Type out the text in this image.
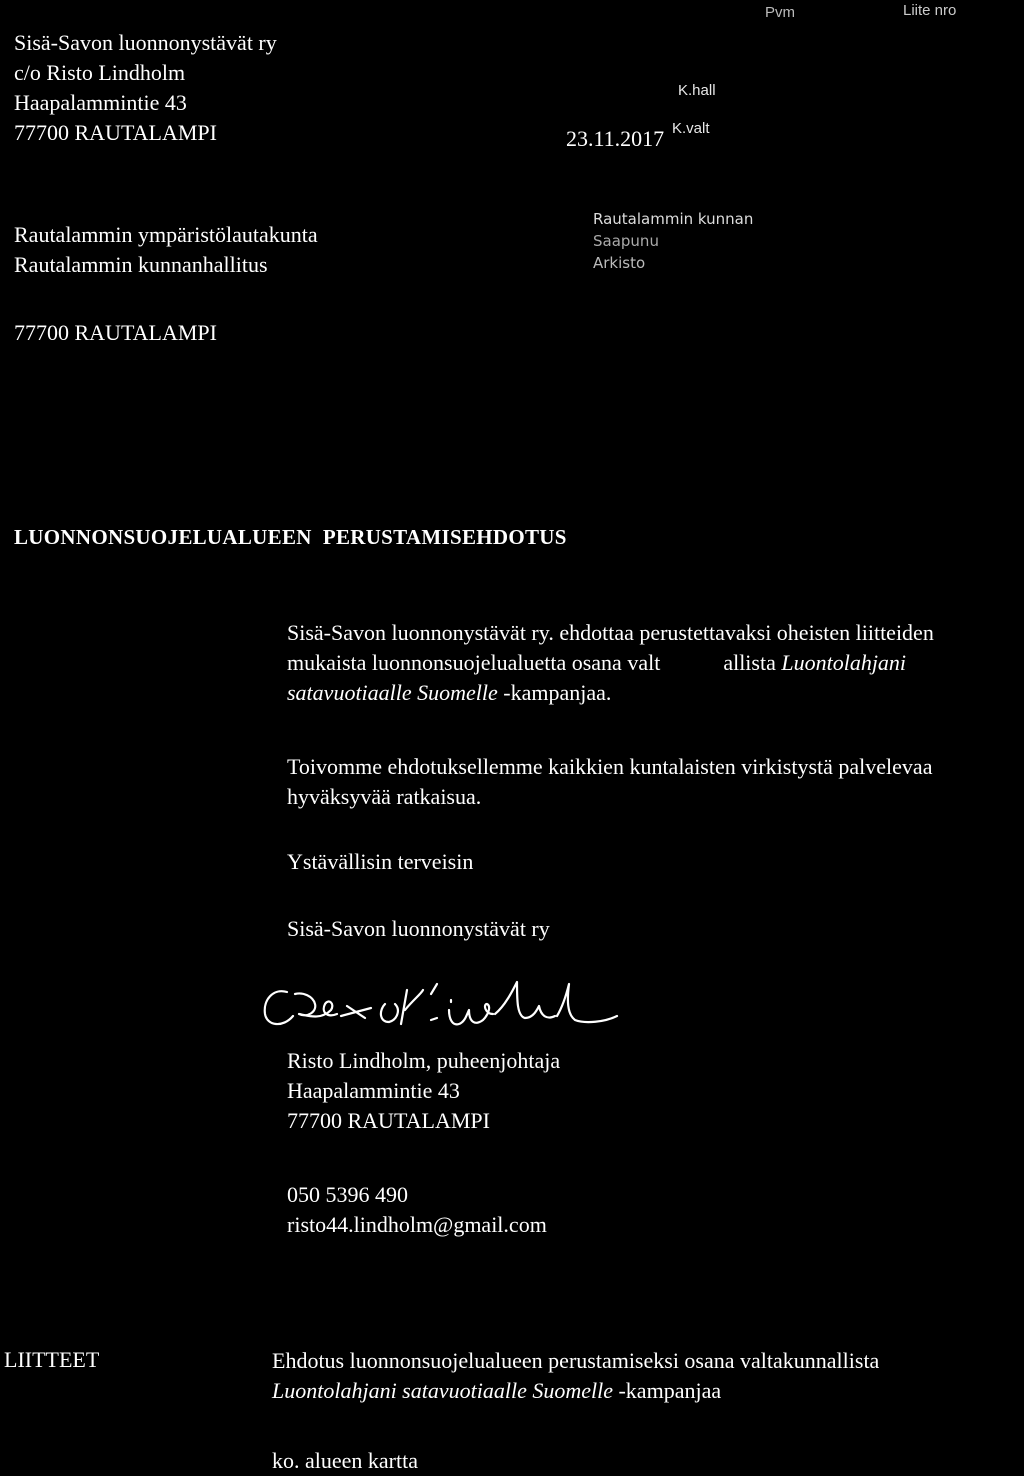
Sisä-Savon luonnonystävät ry
c/o Risto Lindholm
Haapalammintie 43
77700 RAUTALAMPI
Pvm	Liite nro
K.hall
23.11.2017 K.valt
Rautalammin ympäristölautakunta
Rautalammin kunnanhallitus
77700 RAUTALAMPI
Rautalammin kunnan
Saapunu
Arkisto
LUONNONSUOJELUALUEEN  PERUSTAMISEHDOTUS
Sisä-Savon luonnonystävät ry. ehdottaa perustettavaksi oheisten liitteiden
mukaista luonnonsuojelualuetta osana valt	allista Luontolahjani
satavuotiaalle Suomelle -kampanjaa.
Toivomme ehdotuksellemme kaikkien kuntalaisten virkistystä palvelevaa
hyväksyvää ratkaisua.
Ystävällisin terveisin
Sisä-Savon luonnonystävät ry
Risto Lindholm, puheenjohtaja
Haapalammintie 43
77700 RAUTALAMPI
050 5396 490
risto44.lindholm@gmail.com
LIITTEET	Ehdotus luonnonsuojelualueen perustamiseksi osana valtakunnallista
Luontolahjani satavuotiaalle Suomelle -kampanjaa
ko. alueen kartta
